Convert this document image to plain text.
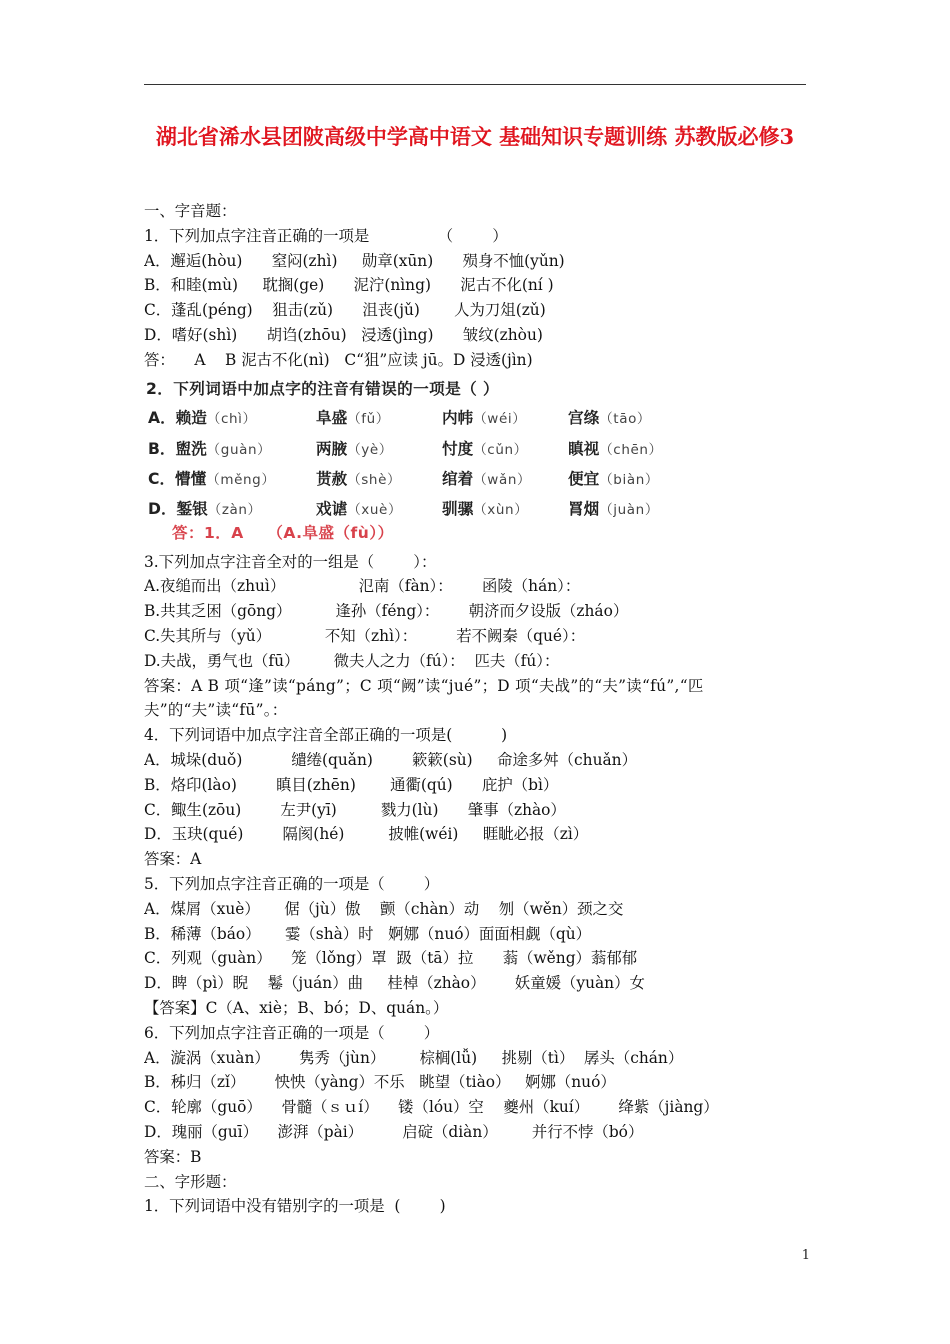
湖北省浠水县团陂高级中学高中语文 基础知识专题训练 苏教版必修3
一、字音题：
1．下列加点字注音正确的一项是              （        ）
A．邂逅(hòu)      窒闷(zhì)     勋章(xūn)      殒身不恤(yǔn)
B．和睦(mù)     耽搁(ge)      泥泞(nìng)      泥古不化(ní )
C．蓬乱(péng)    狙击(zǔ)      沮丧(jǔ)       人为刀俎(zǔ)
D．嗜好(shì)      胡诌(zhōu)   浸透(jìng)      皱纹(zhòu)
答：    A    B 泥古不化(nì)   C“狙”应读 jū。D 浸透(jìn)
2．下列词语中加点字的注音有错误的一项是（ ）
A．赖造（chì）	阜盛（fǔ）	内帏（wéi）	宫绦（tāo）
B．盥洗（guàn）	两腋（yè）	忖度（cǔn）	瞋视（chēn）
C．懵懂（měng）	贳赦（shè）	绾着（wǎn） 便宜（biàn）
D．錾银（zàn）	戏谑（xuè）	驯骡（xùn）	罥烟（juàn）
答：1．A    （A.阜盛（fù））
3.下列加点字注音全对的一组是（        ）：
A.夜缒而出（zhuì）               氾南（fàn）：      函陵（hán）：
B.共其乏困（gōng）         逢孙（féng）：      朝济而夕设版（zháo）
C.失其所与（yǔ）           不知（zhì）：        若不阙秦（qué）：
D.夫战，勇气也（fū）       微夫人之力（fú）：  匹夫（fú）：
答案：A B 项“逢”读“páng”；C 项“阙”读“jué”；D 项“夫战”的“夫”读“fú”,“匹夫”的“夫”读“fū”。：
4．下列词语中加点字注音全部正确的一项是(          )
A．城垛(duǒ)          缱绻(quǎn)        簌簌(sù)     命途多舛（chuǎn）
B．烙印(lào)        瞋目(zhēn)       通衢(qú)      庇护（bì）
C．鲰生(zōu)        左尹(yī)         戮力(lù)      肇事（zhào）
D．玉玦(qué)        隔阂(hé)         披帷(wéi)     睚眦必报（zì）
答案：A
5．下列加点字注音正确的一项是（        ）
A．煤屑（xuè）     倨（jù）傲    颤（chàn）动    刎（wěn）颈之交
B．稀薄（báo）     霎（shà）时   婀娜（nuó）面面相觑（qù）
C．列观（guàn）    笼（lǒng）罩  趿（tā）拉      蓊（wěng）蓊郁郁
D．睥（pì）睨    鬈（juán）曲     桂棹（zhào）      妖童媛（yuàn）女
【答案】C（A、xiè；B、bó；D、quán。）
6．下列加点字注音正确的一项是（        ）
A．漩涡（xuàn）      隽秀（jùn）       棕榈(lǚ)     挑剔（tì）  孱头（chán）
B．秭归（zǐ）      怏怏（yàng）不乐   眺望（tiào）   婀娜（nuó）
C．轮廓（guō）    骨髓（ｓｕí）    镂（lóu）空    夔州（kuí）      绛紫（jiàng）
D．瑰丽（guī）    澎湃（pài）        启碇（diàn）       并行不悖（bó）
答案：B
二、字形题：
1．下列词语中没有错别字的一项是  (        )
1
